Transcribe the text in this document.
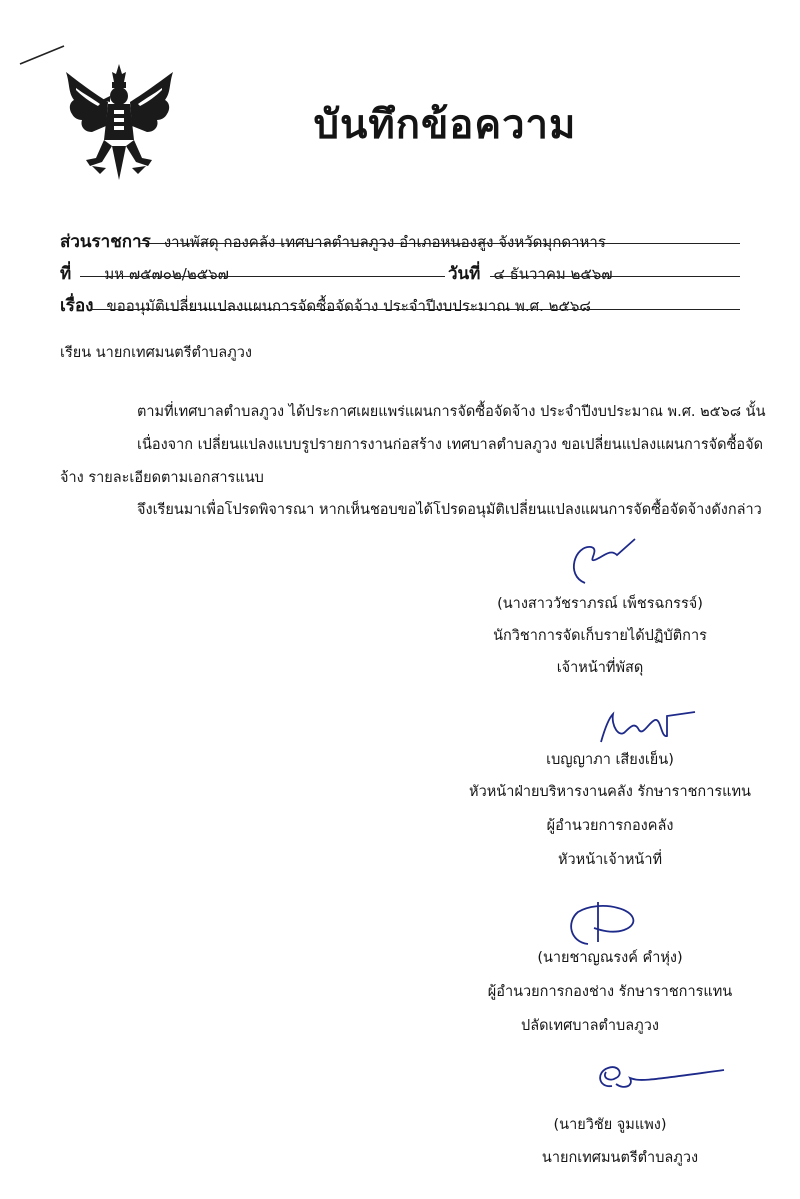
บันทึกข้อความ
ส่วนราชการ งานพัสดุ กองคลัง เทศบาลตำบลภูวง อำเภอหนองสูง จังหวัดมุกดาหาร
ที่ มห ๗๕๗๐๒/๒๕๖๗	วันที่ ๔ ธันวาคม ๒๕๖๗
เรื่อง ขออนุมัติเปลี่ยนแปลงแผนการจัดซื้อจัดจ้าง ประจำปีงบประมาณ พ.ศ. ๒๕๖๘
เรียน นายกเทศมนตรีตำบลภูวง
ตามที่เทศบาลตำบลภูวง ได้ประกาศเผยแพร่แผนการจัดซื้อจัดจ้าง ประจำปีงบประมาณ พ.ศ. ๒๕๖๘ นั้น
เนื่องจาก เปลี่ยนแปลงแบบรูปรายการงานก่อสร้าง เทศบาลตำบลภูวง ขอเปลี่ยนแปลงแผนการจัดซื้อจัด
จ้าง รายละเอียดตามเอกสารแนบ
จึงเรียนมาเพื่อโปรดพิจารณา หากเห็นชอบขอได้โปรดอนุมัติเปลี่ยนแปลงแผนการจัดซื้อจัดจ้างดังกล่าว
(นางสาววัชราภรณ์ เพ็ชรฉกรรจ์)
นักวิชาการจัดเก็บรายได้ปฏิบัติการ
เจ้าหน้าที่พัสดุ
เบญญาภา เสียงเย็น)
หัวหน้าฝ่ายบริหารงานคลัง รักษาราชการแทน
ผู้อำนวยการกองคลัง
หัวหน้าเจ้าหน้าที่
(นายชาญณรงค์ คำหุ่ง)
ผู้อำนวยการกองช่าง รักษาราชการแทน
ปลัดเทศบาลตำบลภูวง
(นายวิชัย จูมแพง)
นายกเทศมนตรีตำบลภูวง
